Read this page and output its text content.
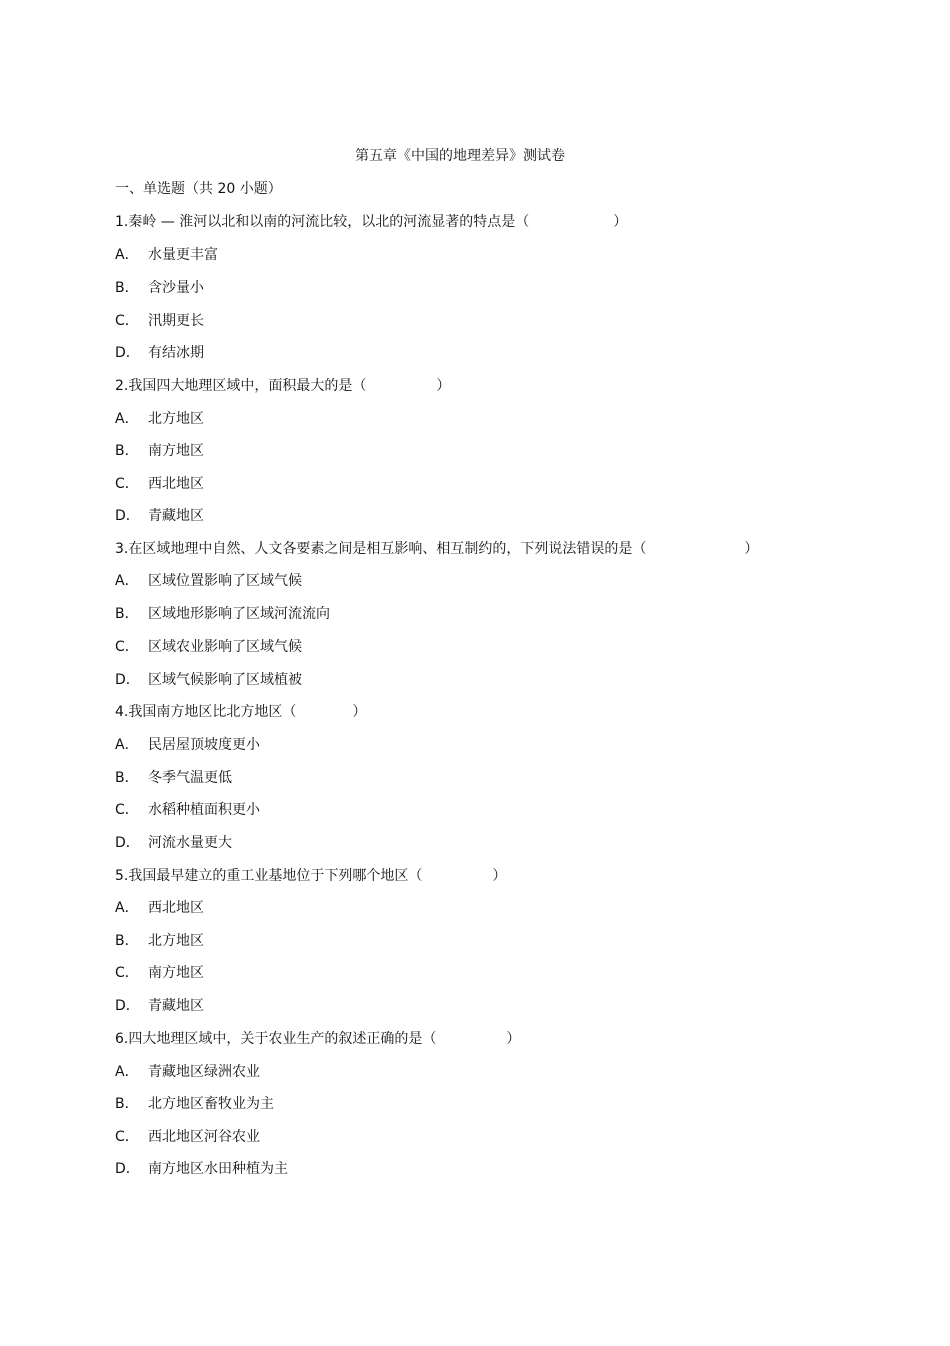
第五章《中国的地理差异》测试卷
一、单选题（共 20 小题）
1.秦岭 — 淮河以北和以南的河流比较，以北的河流显著的特点是（　　　　　　）
A． 水量更丰富
B． 含沙量小
C． 汛期更长
D． 有结冰期
2.我国四大地理区域中，面积最大的是（　　　　　）
A． 北方地区
B． 南方地区
C． 西北地区
D． 青藏地区
3.在区域地理中自然、人文各要素之间是相互影响、相互制约的，下列说法错误的是（　　　　　　　）
A． 区域位置影响了区域气候
B． 区域地形影响了区域河流流向
C． 区域农业影响了区域气候
D． 区域气候影响了区域植被
4.我国南方地区比北方地区（　　　　）
A． 民居屋顶坡度更小
B． 冬季气温更低
C． 水稻种植面积更小
D． 河流水量更大
5.我国最早建立的重工业基地位于下列哪个地区（　　　　　）
A． 西北地区
B． 北方地区
C． 南方地区
D． 青藏地区
6.四大地理区域中，关于农业生产的叙述正确的是（　　　　　）
A． 青藏地区绿洲农业
B． 北方地区畜牧业为主
C． 西北地区河谷农业
D． 南方地区水田种植为主
